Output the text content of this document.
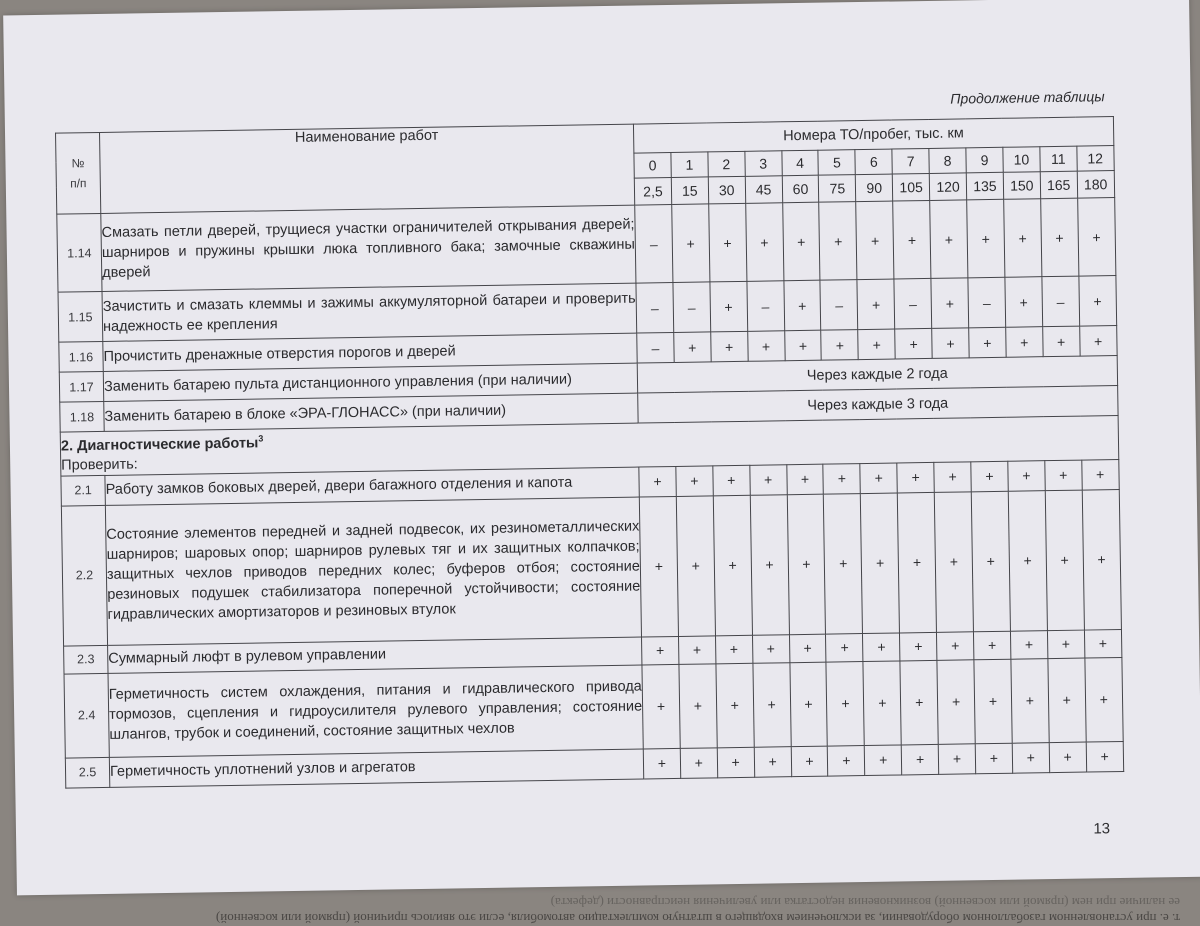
Продолжение таблицы
№
п/п	Наименование работ	Номера ТО/пробег, тыс. км												
		0	1	2	3	4	5	6	7	8	9	10	11	12
		2,5	15	30	45	60	75	90	105	120	135	150	165	180
1.14	Смазать петли дверей, трущиеся участки ограничителей открывания дверей; шарниров и пружины крышки люка топливного бака; замочные скважины дверей	–	+	+	+	+	+	+	+	+	+	+	+	+
1.15	Зачистить и смазать клеммы и зажимы аккумуляторной батареи и проверить надежность ее крепления	–	–	+	–	+	–	+	–	+	–	+	–	+
1.16	Прочистить дренажные отверстия порогов и дверей	–	+	+	+	+	+	+	+	+	+	+	+	+
1.17	Заменить батарею пульта дистанционного управления (при наличии)	Через каждые 2 года												
1.18	Заменить батарею в блоке «ЭРА-ГЛОНАСС» (при наличии)	Через каждые 3 года												
2. Диагностические работы$^3$
Проверить:														
2.1	Работу замков боковых дверей, двери багажного отделения и капота	+	+	+	+	+	+	+	+	+	+	+	+	+
2.2	Состояние элементов передней и задней подвесок, их резинометаллических шарниров; шаровых опор; шарниров рулевых тяг и их защитных колпачков; защитных чехлов приводов передних колес; буферов отбоя; состояние резиновых подушек стабилизатора поперечной устойчивости; состояние гидравлических амортизаторов и резиновых втулок	+	+	+	+	+	+	+	+	+	+	+	+	+
2.3	Суммарный люфт в рулевом управлении	+	+	+	+	+	+	+	+	+	+	+	+	+
2.4	Герметичность систем охлаждения, питания и гидравлического привода тормозов, сцепления и гидроусилителя рулевого управления; состояние шлангов, трубок и соединений, состояние защитных чехлов	+	+	+	+	+	+	+	+	+	+	+	+	+
2.5	Герметичность уплотнений узлов и агрегатов	+	+	+	+	+	+	+	+	+	+	+	+	+
13
т. е. при установленном газобаллонном оборудовании, за исключением входящего в штатную комплектацию автомобиля, если это явилось причиной (прямой или косвенной)
ее наличие при нем (прямой или косвенной) возникновения недостатка или увеличения неисправности (дефекта)
